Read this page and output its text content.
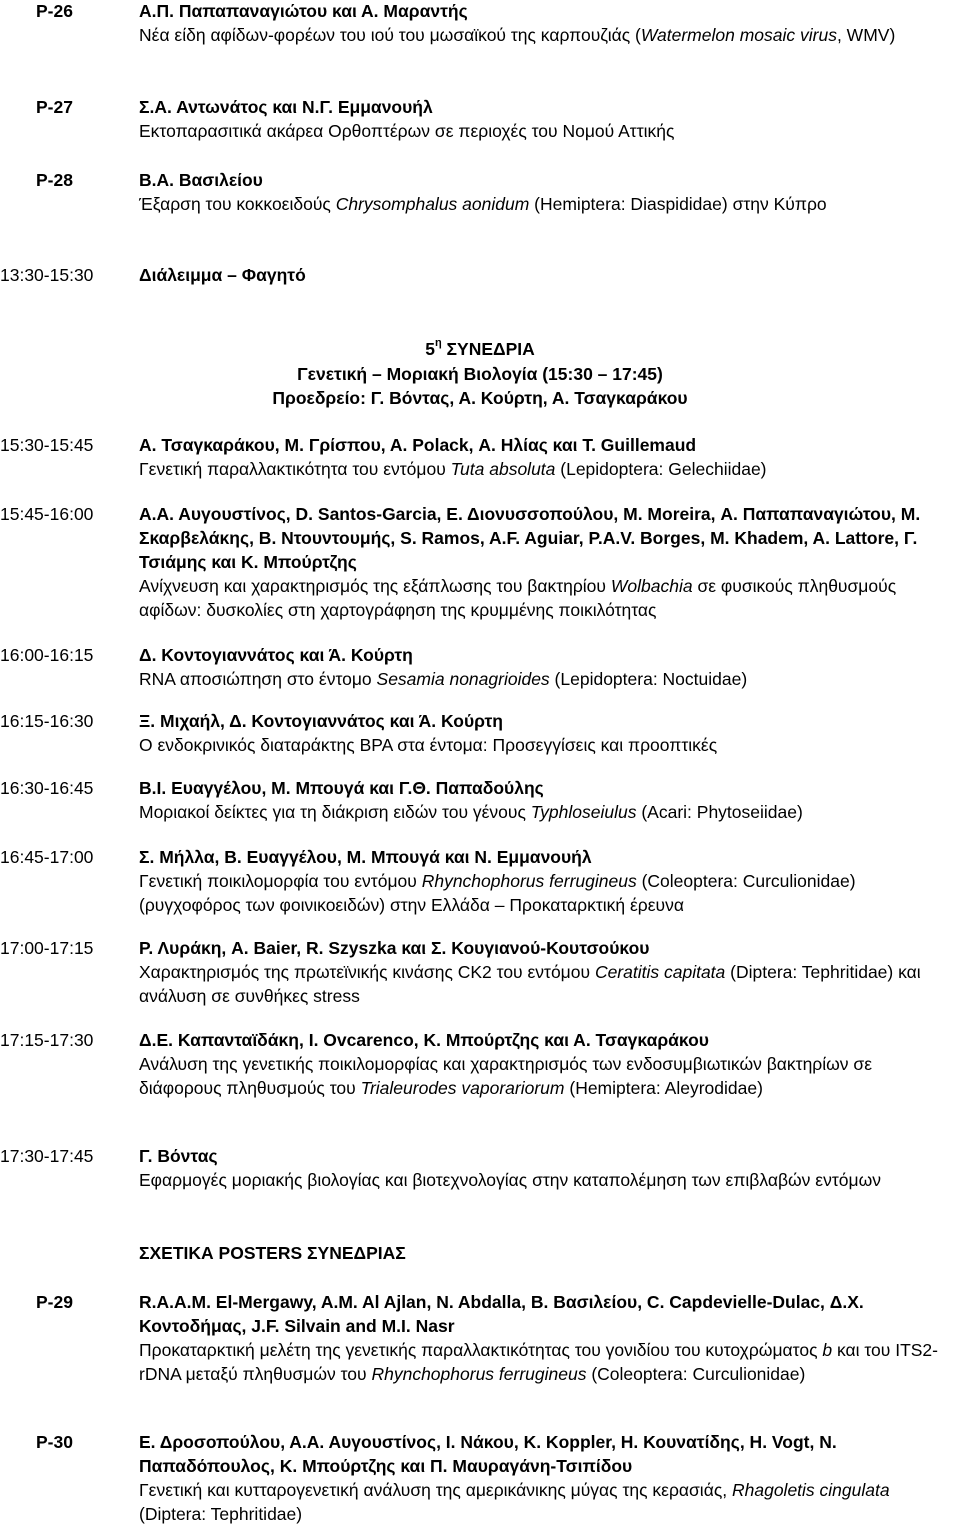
P-26	Α.Π. Παπαπαναγιώτου και Α. Μαραντής
Νέα είδη αφίδων-φορέων του ιού του μωσαϊκού της καρπουζιάς (Watermelon mosaic virus, WMV)
P-27	Σ.Α. Αντωνάτος και Ν.Γ. Εμμανουήλ
Εκτοπαρασιτικά ακάρεα Ορθοπτέρων σε περιοχές του Νομού Αττικής
P-28	Β.Α. Βασιλείου
Έξαρση του κοκκοειδούς Chrysomphalus aonidum (Hemiptera: Diaspididae) στην Κύπρο
13:30-15:30	Διάλειμμα – Φαγητό
$5^\eta$ ΣΥΝΕΔΡΙΑ
Γενετική – Μοριακή Βιολογία (15:30 – 17:45)
Προεδρείο: Γ. Βόντας, Α. Κούρτη, Α. Τσαγκαράκου
15:30-15:45	Α. Τσαγκαράκου, Μ. Γρίσπου, Α. Polack, Α. Ηλίας και T. Guillemaud
Γενετική παραλλακτικότητα του εντόμου Tuta absoluta (Lepidoptera: Gelechiidae)
15:45-16:00	Α.Α. Αυγουστίνος, D. Santos-Garcia, Ε. Διονυσσοπούλου, M. Moreira, Α. Παπαπαναγιώτου, Μ. Σκαρβελάκης, Β. Ντουντουμής, S. Ramos, A.F. Aguiar, P.A.V. Borges, M. Khadem, A. Lattore, Γ. Τσιάμης και Κ. Μπούρτζης
Ανίχνευση και χαρακτηρισμός της εξάπλωσης του βακτηρίου Wolbachia σε φυσικούς πληθυσμούς αφίδων: δυσκολίες στη χαρτογράφηση της κρυμμένης ποικιλότητας
16:00-16:15	Δ. Κοντογιαννάτος και Ά. Κούρτη
RNA αποσιώπηση στο έντομο Sesamia nonagrioides (Lepidoptera: Noctuidae)
16:15-16:30	Ξ. Μιχαήλ, Δ. Κοντογιαννάτος και Ά. Κούρτη
Ο ενδοκρινικός διαταράκτης BPA στα έντομα: Προσεγγίσεις και προοπτικές
16:30-16:45	Β.Ι. Ευαγγέλου, Μ. Μπουγά και Γ.Θ. Παπαδούλης
Μοριακοί δείκτες για τη διάκριση ειδών του γένους Typhloseiulus (Acari: Phytoseiidae)
16:45-17:00	Σ. Μήλλα, Β. Ευαγγέλου, Μ. Μπουγά και Ν. Εμμανουήλ
Γενετική ποικιλομορφία του εντόμου Rhynchophorus ferrugineus (Coleoptera: Curculionidae) (ρυγχοφόρος των φοινικοειδών) στην Ελλάδα – Προκαταρκτική έρευνα
17:00-17:15	Ρ. Λυράκη, A. Baier, R. Szyszka και Σ. Κουγιανού-Κουτσούκου
Χαρακτηρισμός της πρωτεϊνικής κινάσης CK2 του εντόμου Ceratitis capitata (Diptera: Tephritidae) και ανάλυση σε συνθήκες stress
17:15-17:30	Δ.Ε. Καπανταϊδάκη, I. Ovcarenco, Κ. Μπούρτζης και Α. Τσαγκαράκου
Ανάλυση της γενετικής ποικιλομορφίας και χαρακτηρισμός των ενδοσυμβιωτικών βακτηρίων σε διάφορους πληθυσμούς του Trialeurodes vaporariorum (Hemiptera: Aleyrodidae)
17:30-17:45	Γ. Βόντας
Εφαρμογές μοριακής βιολογίας και βιοτεχνολογίας στην καταπολέμηση των επιβλαβών εντόμων
ΣΧΕΤΙΚΑ POSTERS ΣΥΝΕΔΡΙΑΣ
P-29	R.A.A.M. El-Mergawy, A.M. Al Ajlan, N. Abdalla, Β. Βασιλείου, C. Capdevielle-Dulac, Δ.Χ. Κοντοδήμας, J.F. Silvain and M.I. Nasr
Προκαταρκτική μελέτη της γενετικής παραλλακτικότητας του γονιδίου του κυτοχρώματος b και του ITS2-rDNA μεταξύ πληθυσμών του Rhynchophorus ferrugineus (Coleoptera: Curculionidae)
P-30	Ε. Δροσοπούλου, Α.Α. Αυγουστίνος, I. Νάκου, K. Koppler, H. Κουνατίδης, H. Vogt, Ν. Παπαδόπουλος, Κ. Μπούρτζης και Π. Μαυραγάνη-Τσιπίδου
Γενετική και κυτταρογενετική ανάλυση της αμερικάνικης μύγας της κερασιάς, Rhagoletis cingulata (Diptera: Tephritidae)
